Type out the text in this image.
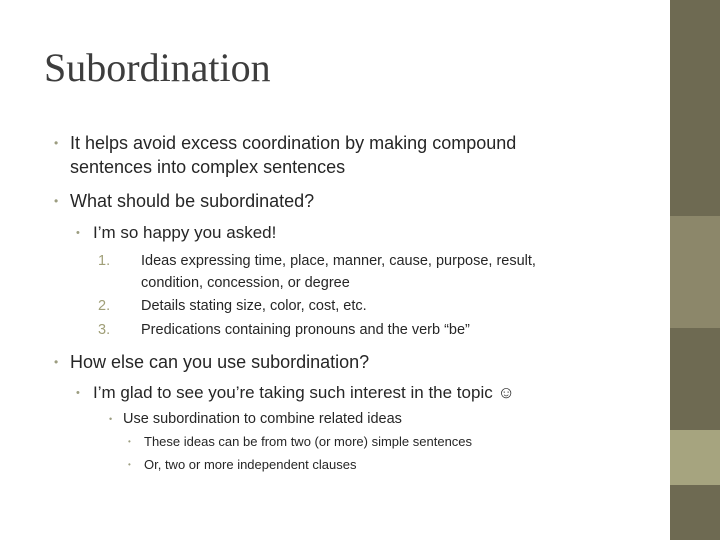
Subordination
• It helps avoid excess coordination by making compound
sentences into complex sentences
• What should be subordinated?
• I’m so happy you asked!
1.	Ideas expressing time, place, manner, cause, purpose, result,
condition, concession, or degree
2.	Details stating size, color, cost, etc.
3.	Predications containing pronouns and the verb “be”
• How else can you use subordination?
• I’m glad to see you’re taking such interest in the topic ☺
• Use subordination to combine related ideas
•	These ideas can be from two (or more) simple sentences
•	Or, two or more independent clauses
